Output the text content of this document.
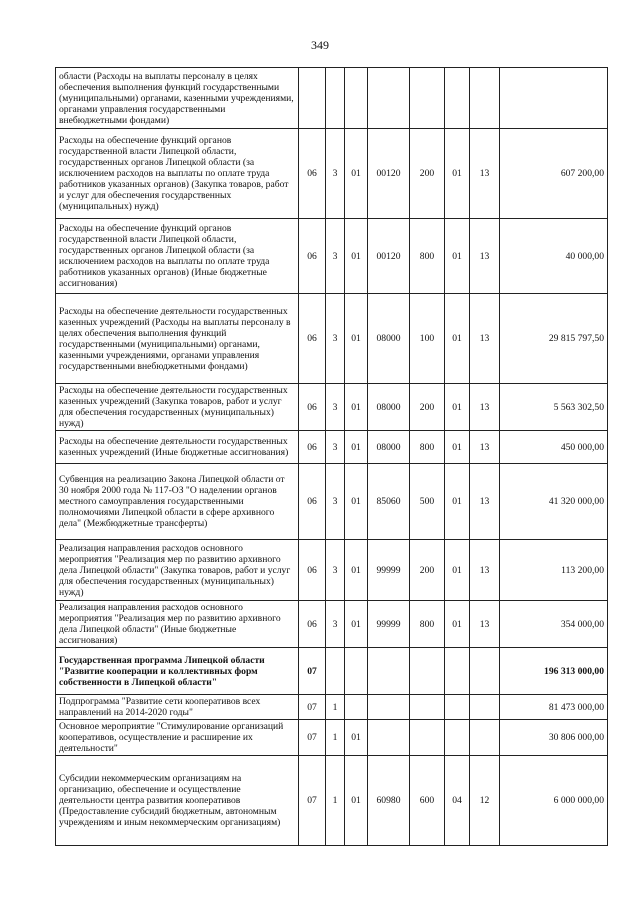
349
области (Расходы на выплаты персоналу в целях обеспечения выполнения функций государственными (муниципальными) органами, казенными учреждениями, органами управления государственными внебюджетными фондами)								
Расходы на обеспечение функций органов государственной власти Липецкой области, государственных органов Липецкой области (за исключением расходов на выплаты по оплате труда работников указанных органов) (Закупка товаров, работ и услуг для обеспечения государственных (муниципальных) нужд)	06	3	01	00120	200	01	13	607 200,00
Расходы на обеспечение функций органов государственной власти Липецкой области, государственных органов Липецкой области (за исключением расходов на выплаты по оплате труда работников указанных органов) (Иные бюджетные ассигнования)	06	3	01	00120	800	01	13	40 000,00
Расходы на обеспечение деятельности государственных казенных учреждений (Расходы на выплаты персоналу в целях обеспечения выполнения функций государственными (муниципальными) органами, казенными учреждениями, органами управления государственными внебюджетными фондами)	06	3	01	08000	100	01	13	29 815 797,50
Расходы на обеспечение деятельности государственных казенных учреждений (Закупка товаров, работ и услуг для обеспечения государственных (муниципальных) нужд)	06	3	01	08000	200	01	13	5 563 302,50
Расходы на обеспечение деятельности государственных казенных учреждений (Иные бюджетные ассигнования)	06	3	01	08000	800	01	13	450 000,00
Субвенция на реализацию Закона Липецкой области от 30 ноября 2000 года № 117-ОЗ "О наделении органов местного самоуправления государственными полномочиями Липецкой области в сфере архивного дела" (Межбюджетные трансферты)	06	3	01	85060	500	01	13	41 320 000,00
Реализация направления расходов основного мероприятия "Реализация мер по развитию архивного дела Липецкой области" (Закупка товаров, работ и услуг для обеспечения государственных (муниципальных) нужд)	06	3	01	99999	200	01	13	113 200,00
Реализация направления расходов основного мероприятия "Реализация мер по развитию архивного дела Липецкой области" (Иные бюджетные ассигнования)	06	3	01	99999	800	01	13	354 000,00
Государственная программа Липецкой области "Развитие кооперации и коллективных форм собственности в Липецкой области"	07							196 313 000,00
Подпрограмма "Развитие сети кооперативов всех направлений на 2014-2020 годы"	07	1						81 473 000,00
Основное мероприятие "Стимулирование организаций кооперативов, осуществление и расширение их деятельности"	07	1	01					30 806 000,00
Субсидии некоммерческим организациям на организацию, обеспечение и осуществление деятельности центра развития кооперативов (Предоставление субсидий бюджетным, автономным учреждениям и иным некоммерческим организациям)	07	1	01	60980	600	04	12	6 000 000,00
